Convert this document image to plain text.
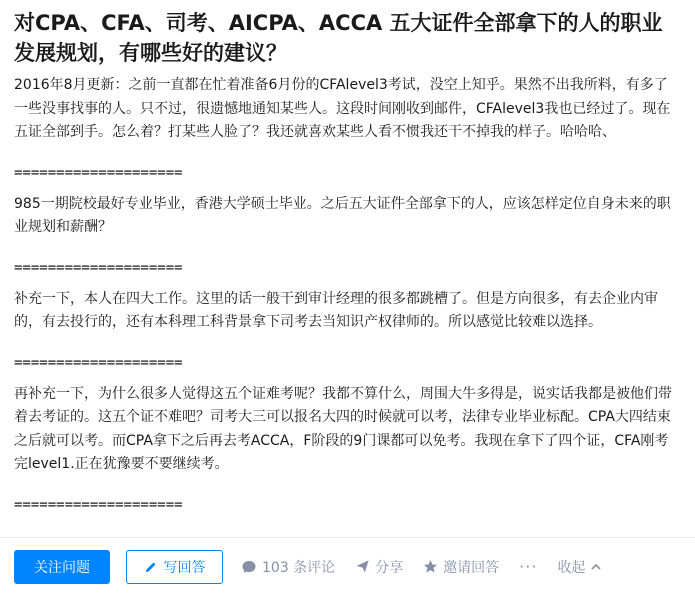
对CPA、CFA、司考、AICPA、ACCA 五大证件全部拿下的人的职业发展规划，有哪些好的建议？

2016年8月更新：之前一直都在忙着准备6月份的CFAlevel3考试，没空上知乎。果然不出我所料，有多了一些没事找事的人。只不过，很遗憾地通知某些人。这段时间刚收到邮件，CFAlevel3我也已经过了。现在五证全部到手。怎么着？打某些人脸了？我还就喜欢某些人看不惯我还干不掉我的样子。哈哈哈、

====================

985一期院校最好专业毕业，香港大学硕士毕业。之后五大证件全部拿下的人，应该怎样定位自身未来的职业规划和薪酬？

====================

补充一下，本人在四大工作。这里的话一般干到审计经理的很多都跳槽了。但是方向很多，有去企业内审的，有去投行的，还有本科理工科背景拿下司考去当知识产权律师的。所以感觉比较难以选择。

====================

再补充一下，为什么很多人觉得这五个证难考呢？我都不算什么，周围大牛多得是，说实话我都是被他们带着去考证的。这五个证不难吧？司考大三可以报名大四的时候就可以考，法律专业毕业标配。CPA大四结束之后就可以考。而CPA拿下之后再去考ACCA，F阶段的9门课都可以免考。我现在拿下了四个证，CFA刚考完level1.正在犹豫要不要继续考。

====================
关注问题	写回答	103 条评论	分享	邀请回答 ··· 收起
